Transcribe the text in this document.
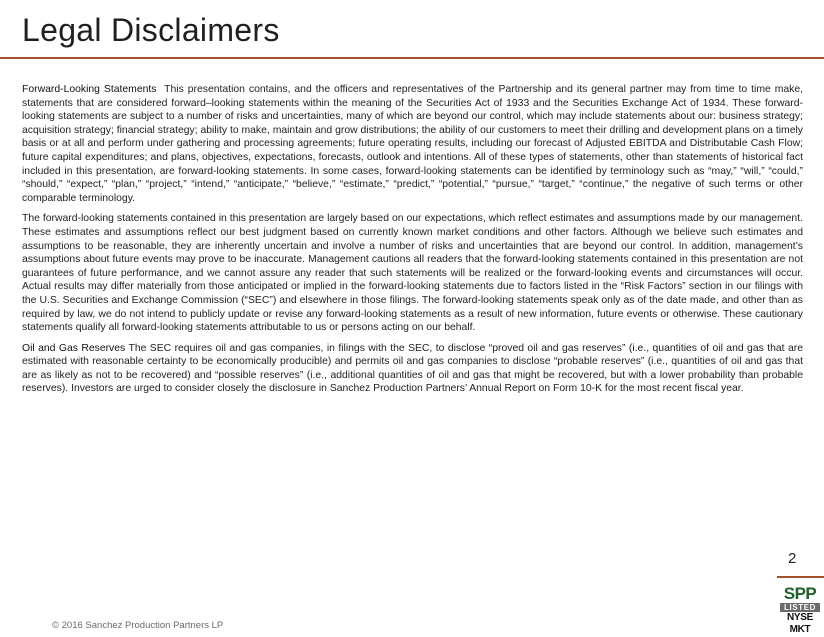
Legal Disclaimers

Forward-Looking Statements This presentation contains, and the officers and representatives of the Partnership and its general partner may from time to time make, statements that are considered forward–looking statements within the meaning of the Securities Act of 1933 and the Securities Exchange Act of 1934. These forward-looking statements are subject to a number of risks and uncertainties, many of which are beyond our control, which may include statements about our: business strategy; acquisition strategy; financial strategy; ability to make, maintain and grow distributions; the ability of our customers to meet their drilling and development plans on a timely basis or at all and perform under gathering and processing agreements; future operating results, including our forecast of Adjusted EBITDA and Distributable Cash Flow; future capital expenditures; and plans, objectives, expectations, forecasts, outlook and intentions. All of these types of statements, other than statements of historical fact included in this presentation, are forward-looking statements. In some cases, forward-looking statements can be identified by terminology such as “may,” “will,” “could,” “should,” “expect,” “plan,” “project,” “intend,” “anticipate,” “believe,” “estimate,” “predict,” “potential,” “pursue,” “target,” “continue,” the negative of such terms or other comparable terminology.

The forward-looking statements contained in this presentation are largely based on our expectations, which reflect estimates and assumptions made by our management. These estimates and assumptions reflect our best judgment based on currently known market conditions and other factors. Although we believe such estimates and assumptions to be reasonable, they are inherently uncertain and involve a number of risks and uncertainties that are beyond our control. In addition, management’s assumptions about future events may prove to be inaccurate. Management cautions all readers that the forward-looking statements contained in this presentation are not guarantees of future performance, and we cannot assure any reader that such statements will be realized or the forward-looking events and circumstances will occur. Actual results may differ materially from those anticipated or implied in the forward-looking statements due to factors listed in the “Risk Factors” section in our filings with the U.S. Securities and Exchange Commission (“SEC”) and elsewhere in those filings. The forward-looking statements speak only as of the date made, and other than as required by law, we do not intend to publicly update or revise any forward-looking statements as a result of new information, future events or otherwise. These cautionary statements qualify all forward-looking statements attributable to us or persons acting on our behalf.

Oil and Gas Reserves The SEC requires oil and gas companies, in filings with the SEC, to disclose “proved oil and gas reserves” (i.e., quantities of oil and gas that are estimated with reasonable certainty to be economically producible) and permits oil and gas companies to disclose “probable reserves” (i.e., quantities of oil and gas that are as likely as not to be recovered) and “possible reserves” (i.e., additional quantities of oil and gas that might be recovered, but with a lower probability than probable reserves). Investors are urged to consider closely the disclosure in Sanchez Production Partners’ Annual Report on Form 10-K for the most recent fiscal year.

2
SPP
LISTED
NYSE MKT
© 2016 Sanchez Production Partners LP
